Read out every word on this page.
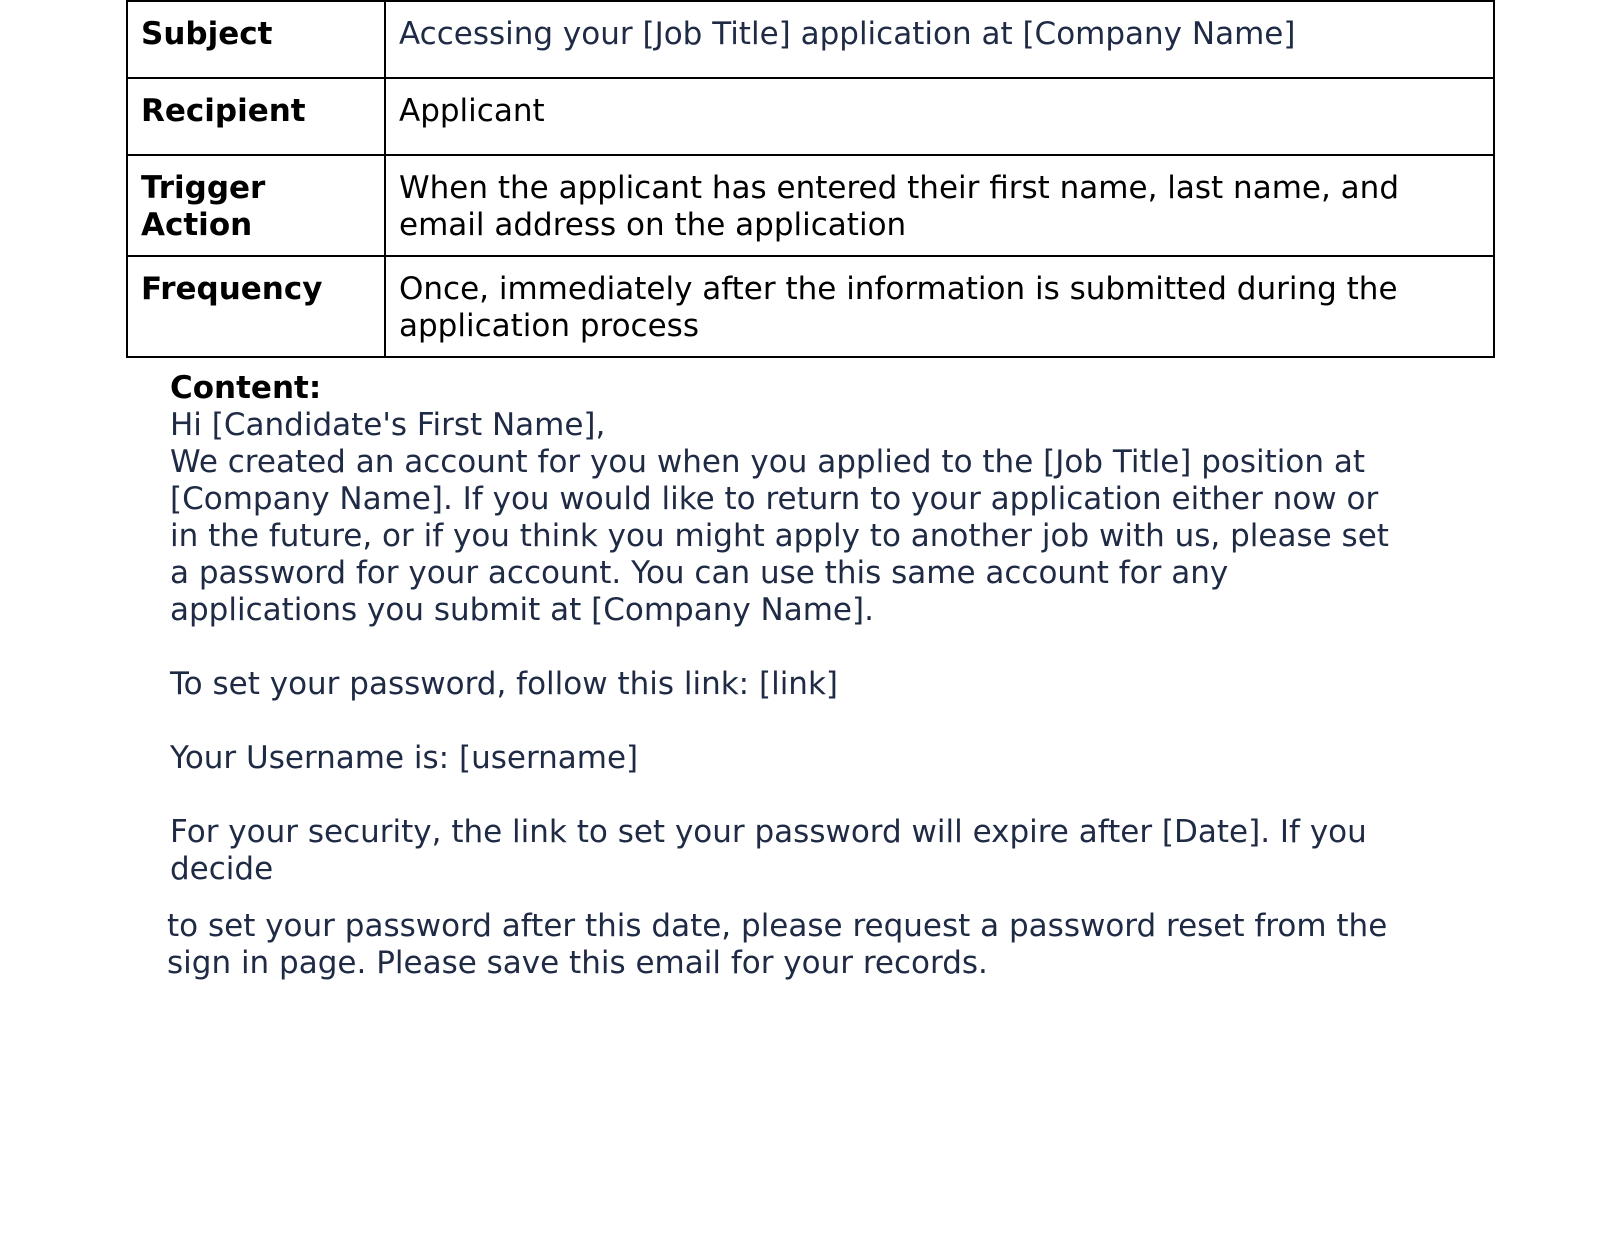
Subject	Accessing your [Job Title] application at [Company Name]
Recipient	Applicant
Trigger Action	When the applicant has entered their first name, last name, and email address on the application
Frequency	Once, immediately after the information is submitted during the application process

Content:

Hi [Candidate's First Name],

We created an account for you when you applied to the [Job Title] position at [Company Name]. If you would like to return to your application either now or in the future, or if you think you might apply to another job with us, please set a password for your account. You can use this same account for any applications you submit at [Company Name].

To set your password, follow this link: [link]

Your Username is: [username]

For your security, the link to set your password will expire after [Date]. If you decide

to set your password after this date, please request a password reset from the sign in page. Please save this email for your records.
